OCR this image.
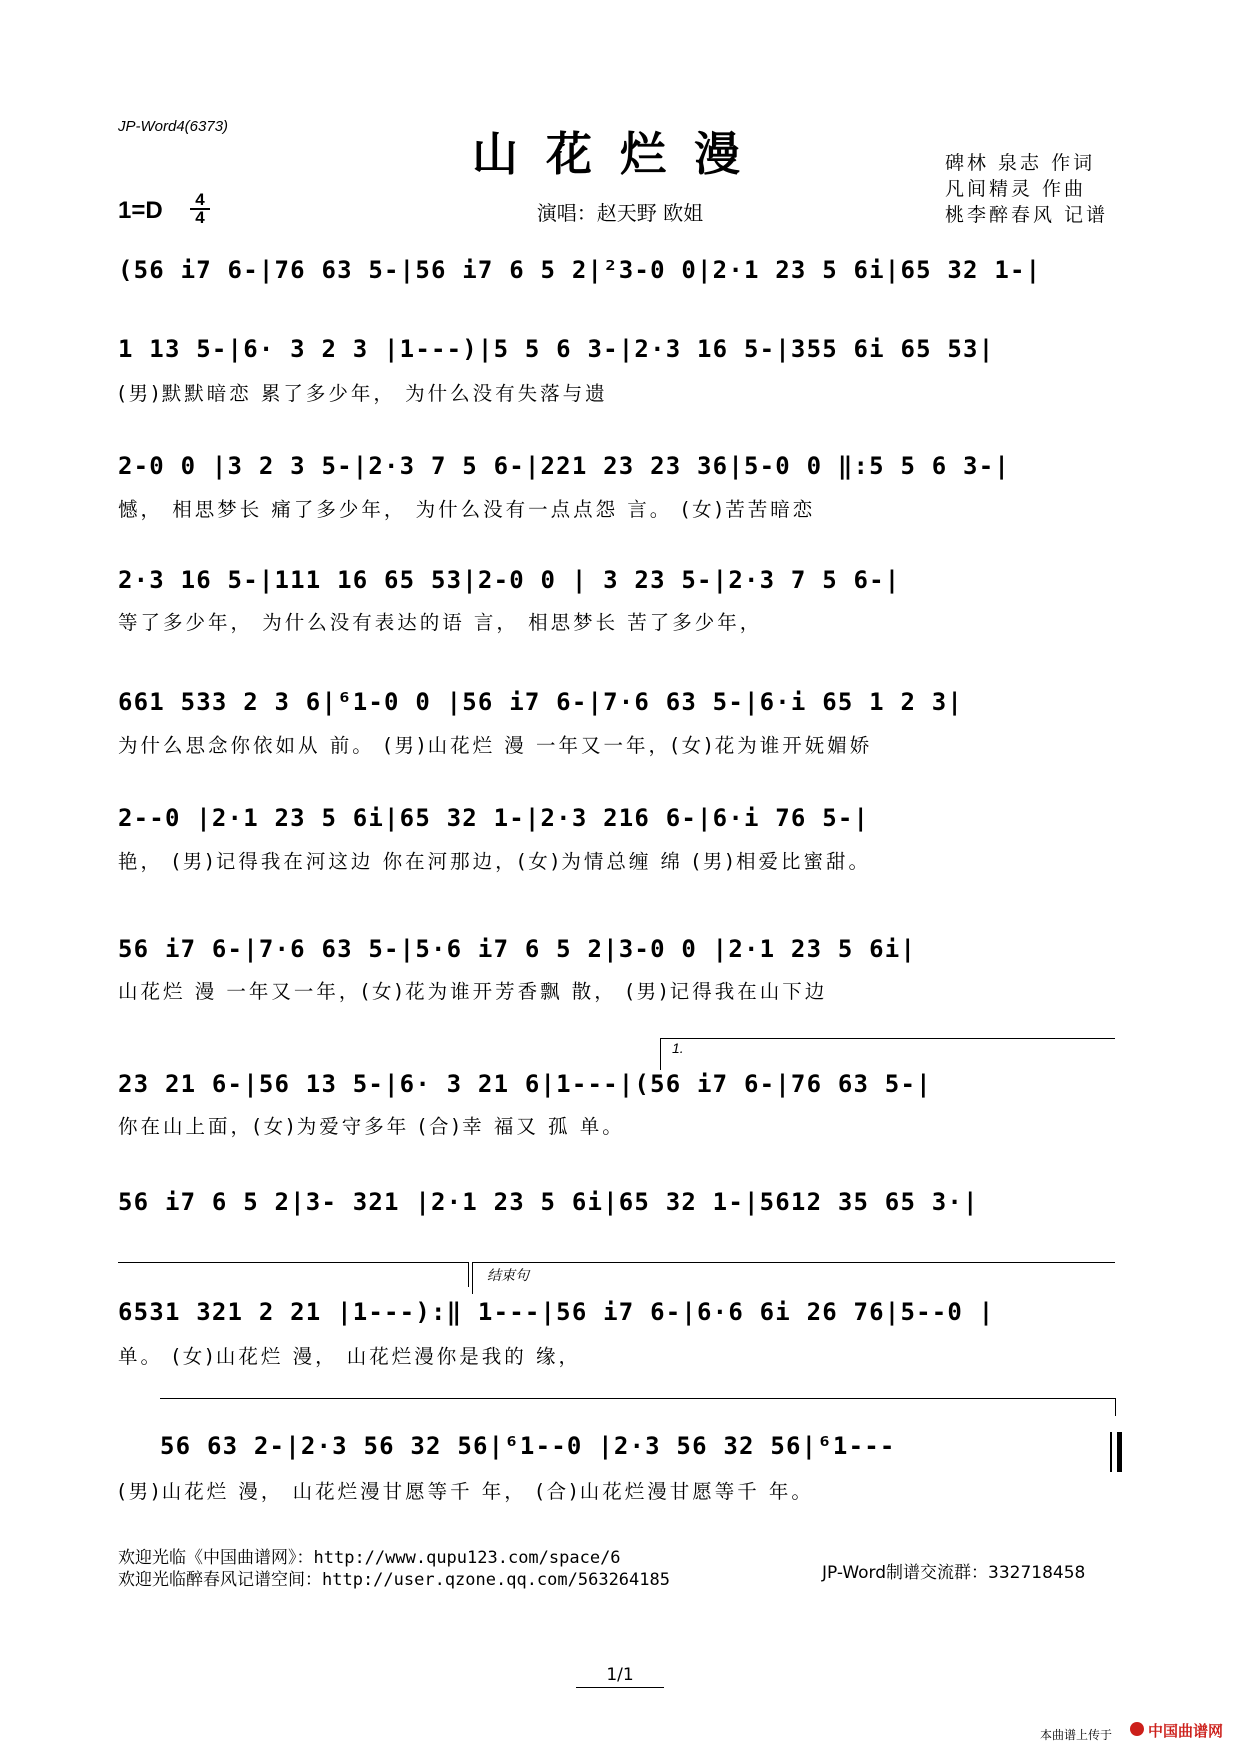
JP-Word4(6373)
山花烂漫
演唱：赵天野 欧姐
碑林 泉志 作词
凡间精灵 作曲
桃李醉春风 记谱
1=D	4
4
(56 i7 6-|76 63 5-|56 i7 6 5 2|²3-0 0|2·1 23 5 6i|65 32 1-|
1 13 5-|6· 3 2 3 |1---)|5 5 6 3-|2·3 16 5-|355 6i 65 53|
(男)默默暗恋 累了多少年， 为什么没有失落与遗
2-0 0 |3 2 3 5-|2·3 7 5 6-|221 23 23 36|5-0 0 ‖:5 5 6 3-|
憾， 相思梦长 痛了多少年， 为什么没有一点点怨 言。 (女)苦苦暗恋
2·3 16 5-|111 16 65 53|2-0 0 | 3 23 5-|2·3 7 5 6-|
等了多少年， 为什么没有表达的语 言， 相思梦长 苦了多少年，
661 533 2 3 6|⁶1-0 0 |56 i7 6-|7·6 63 5-|6·i 65 1 2 3|
为什么思念你依如从 前。 (男)山花烂 漫 一年又一年，(女)花为谁开妩媚娇
2--0 |2·1 23 5 6i|65 32 1-|2·3 216 6-|6·i 76 5-|
艳， (男)记得我在河这边 你在河那边，(女)为情总缠 绵 (男)相爱比蜜甜。
56 i7 6-|7·6 63 5-|5·6 i7 6 5 2|3-0 0 |2·1 23 5 6i|
山花烂 漫 一年又一年，(女)花为谁开芳香飘 散， (男)记得我在山下边
1.
23 21 6-|56 13 5-|6· 3 21 6|1---|(56 i7 6-|76 63 5-|
你在山上面，(女)为爱守多年 (合)幸 福又 孤 单。
56 i7 6 5 2|3- 321 |2·1 23 5 6i|65 32 1-|5612 35 65 3·|
结束句
6531 321 2 21 |1---):‖ 1---|56 i7 6-|6·6 6i 26 76|5--0 |
单。 (女)山花烂 漫， 山花烂漫你是我的 缘，
56 63 2-|2·3 56 32 56|⁶1--0 |2·3 56 32 56|⁶1---
(男)山花烂 漫， 山花烂漫甘愿等千 年， (合)山花烂漫甘愿等千 年。
欢迎光临《中国曲谱网》：http://www.qupu123.com/space/6
欢迎光临醉春风记谱空间：http://user.qzone.qq.com/563264185	JP-Word制谱交流群：332718458
1/1
本曲谱上传于 中国曲谱网
